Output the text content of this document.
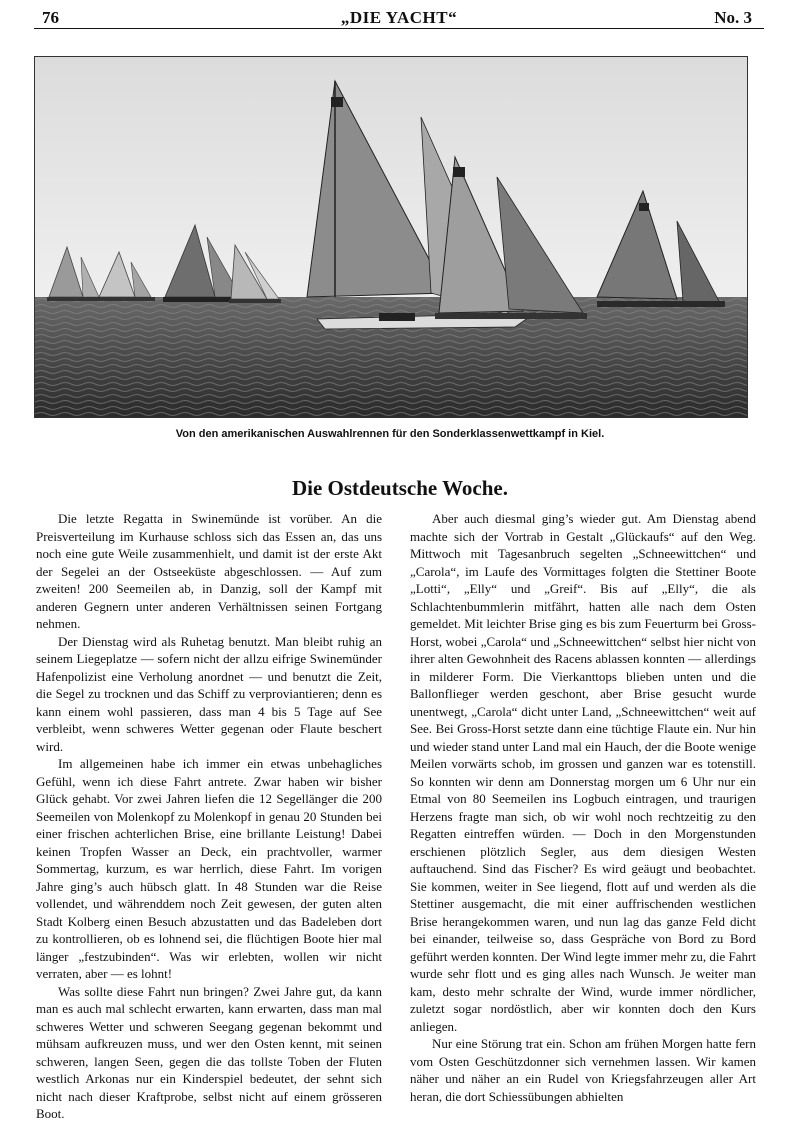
76	„DIE YACHT“	No. 3
Von den amerikanischen Auswahlrennen für den Sonderklassenwettkampf in Kiel.
Die Ostdeutsche Woche.

Die letzte Regatta in Swinemünde ist vorüber. An die Preisverteilung im Kurhause schloss sich das Essen an, das uns noch eine gute Weile zusammenhielt, und damit ist der erste Akt der Segelei an der Ostseeküste abgeschlossen. — Auf zum zweiten! 200 Seemeilen ab, in Danzig, soll der Kampf mit anderen Gegnern unter anderen Verhältnissen seinen Fortgang nehmen.

Der Dienstag wird als Ruhetag benutzt. Man bleibt ruhig an seinem Liegeplatze — sofern nicht der allzu eifrige Swinemünder Hafenpolizist eine Verholung anordnet — und benutzt die Zeit, die Segel zu trocknen und das Schiff zu verproviantieren; denn es kann einem wohl passieren, dass man 4 bis 5 Tage auf See verbleibt, wenn schweres Wetter gegenan oder Flaute beschert wird.

Im allgemeinen habe ich immer ein etwas unbehagliches Gefühl, wenn ich diese Fahrt antrete. Zwar haben wir bisher Glück gehabt. Vor zwei Jahren liefen die 12 Segellänger die 200 Seemeilen von Molenkopf zu Molenkopf in genau 20 Stunden bei einer frischen achterlichen Brise, eine brillante Leistung! Dabei keinen Tropfen Wasser an Deck, ein prachtvoller, warmer Sommertag, kurzum, es war herrlich, diese Fahrt. Im vorigen Jahre ging’s auch hübsch glatt. In 48 Stunden war die Reise vollendet, und währenddem noch Zeit gewesen, der guten alten Stadt Kolberg einen Besuch abzustatten und das Badeleben dort zu kontrollieren, ob es lohnend sei, die flüchtigen Boote hier mal länger „festzubinden“. Was wir erlebten, wollen wir nicht verraten, aber — es lohnt!

Was sollte diese Fahrt nun bringen? Zwei Jahre gut, da kann man es auch mal schlecht erwarten, kann erwarten, dass man mal schweres Wetter und schweren Seegang gegenan bekommt und mühsam aufkreuzen muss, und wer den Osten kennt, mit seinen schweren, langen Seen, gegen die das tollste Toben der Fluten westlich Arkonas nur ein Kinderspiel bedeutet, der sehnt sich nicht nach dieser Kraftprobe, selbst nicht auf einem grösseren Boot.

Aber auch diesmal ging’s wieder gut. Am Dienstag abend machte sich der Vortrab in Gestalt „Glückaufs“ auf den Weg. Mittwoch mit Tagesanbruch segelten „Schneewittchen“ und „Carola“, im Laufe des Vormittages folgten die Stettiner Boote „Lotti“, „Elly“ und „Greif“. Bis auf „Elly“, die als Schlachtenbummlerin mitfährt, hatten alle nach dem Osten gemeldet. Mit leichter Brise ging es bis zum Feuerturm bei Gross-Horst, wobei „Carola“ und „Schneewittchen“ selbst hier nicht von ihrer alten Gewohnheit des Racens ablassen konnten — allerdings in milderer Form. Die Vierkanttops blieben unten und die Ballonflieger werden geschont, aber Brise gesucht wurde unentwegt, „Carola“ dicht unter Land, „Schneewittchen“ weit auf See. Bei Gross-Horst setzte dann eine tüchtige Flaute ein. Nur hin und wieder stand unter Land mal ein Hauch, der die Boote wenige Meilen vorwärts schob, im grossen und ganzen war es totenstill. So konnten wir denn am Donnerstag morgen um 6 Uhr nur ein Etmal von 80 Seemeilen ins Logbuch eintragen, und traurigen Herzens fragte man sich, ob wir wohl noch rechtzeitig zu den Regatten eintreffen würden. — Doch in den Morgenstunden erschienen plötzlich Segler, aus dem diesigen Westen auftauchend. Sind das Fischer? Es wird geäugt und beobachtet. Sie kommen, weiter in See liegend, flott auf und werden als die Stettiner ausgemacht, die mit einer auffrischenden westlichen Brise herangekommen waren, und nun lag das ganze Feld dicht bei einander, teilweise so, dass Gespräche von Bord zu Bord geführt werden konnten. Der Wind legte immer mehr zu, die Fahrt wurde sehr flott und es ging alles nach Wunsch. Je weiter man kam, desto mehr schralte der Wind, wurde immer nördlicher, zuletzt sogar nordöstlich, aber wir konnten doch den Kurs anliegen.

Nur eine Störung trat ein. Schon am frühen Morgen hatte fern vom Osten Geschützdonner sich vernehmen lassen. Wir kamen näher und näher an ein Rudel von Kriegsfahrzeugen aller Art heran, die dort Schiessübungen abhielten
